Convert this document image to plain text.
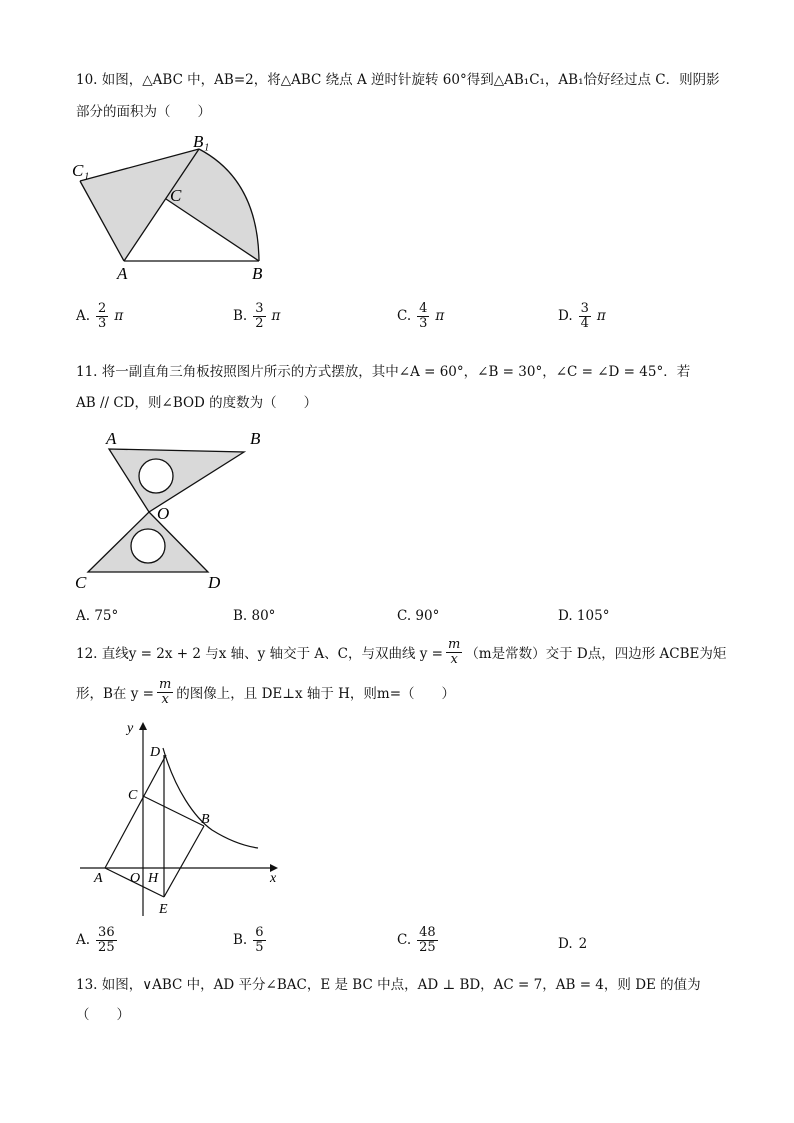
10. 如图，△ABC 中，AB=2，将△ABC 绕点 A 逆时针旋转 60°得到△AB₁C₁，AB₁恰好经过点 C．则阴影
部分的面积为（　　）
C₁
B₁
C
A	B
A. $\frac{2}{3}$ π	B. $\frac{3}{2}$ π	C. $\frac{4}{3}$ π	D. $\frac{3}{4}$ π
11. 将一副直角三角板按照图片所示的方式摆放，其中∠A = 60°，∠B = 30°，∠C = ∠D = 45°．若
AB // CD，则∠BOD 的度数为（　　）
A	B
O
C	D
A. 75°	B. 80°	C. 90°	D. 105°
12. 直线y = 2x + 2 与x 轴、y 轴交于 A、C，与双曲线 $y = \frac{m}{x} (m$是常数）交于 D点，四边形 ACBE为矩
形，B在 $y = \frac{m}{x}$ 的图像上，且 DE⊥x 轴于 H，则m=（　　）
y
x
D
C
B
A O H
E
A. $\frac{36}{25}$	B. $\frac{6}{5}$	C. $\frac{48}{25}$	D. 2
13. 如图，∨ABC 中，AD 平分∠BAC，E 是 BC 中点，AD ⊥ BD，AC = 7，AB = 4，则 DE 的值为
（　　）
